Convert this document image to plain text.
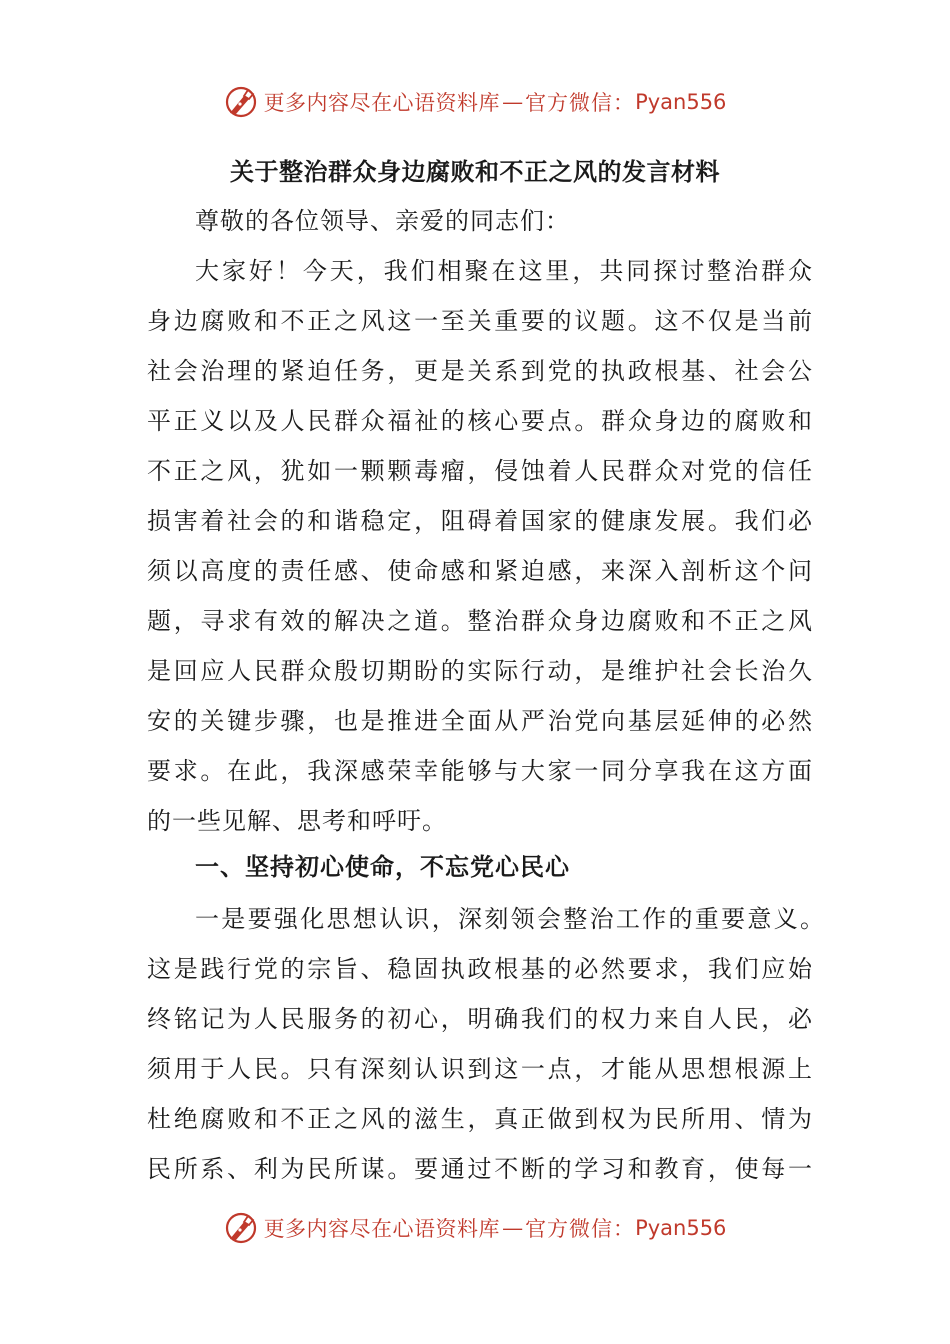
更多内容尽在心语资料库 — 官方微信： Pyan556
关于整治群众身边腐败和不正之风的发言材料
尊敬的各位领导、亲爱的同志们：
大家好！今天，我们相聚在这里，共同探讨整治群众
身边腐败和不正之风这一至关重要的议题。这不仅是当前
社会治理的紧迫任务，更是关系到党的执政根基、社会公
平正义以及人民群众福祉的核心要点。群众身边的腐败和
不正之风，犹如一颗颗毒瘤，侵蚀着人民群众对党的信任
损害着社会的和谐稳定，阻碍着国家的健康发展。我们必
须以高度的责任感、使命感和紧迫感，来深入剖析这个问
题，寻求有效的解决之道。整治群众身边腐败和不正之风
是回应人民群众殷切期盼的实际行动，是维护社会长治久
安的关键步骤，也是推进全面从严治党向基层延伸的必然
要求。在此，我深感荣幸能够与大家一同分享我在这方面
的一些见解、思考和呼吁。
一、坚持初心使命，不忘党心民心
一是要强化思想认识，深刻领会整治工作的重要意义。
这是践行党的宗旨、稳固执政根基的必然要求，我们应始
终铭记为人民服务的初心，明确我们的权力来自人民，必
须用于人民。只有深刻认识到这一点，才能从思想根源上
杜绝腐败和不正之风的滋生，真正做到权为民所用、情为
民所系、利为民所谋。要通过不断的学习和教育，使每一
更多内容尽在心语资料库 — 官方微信： Pyan556
